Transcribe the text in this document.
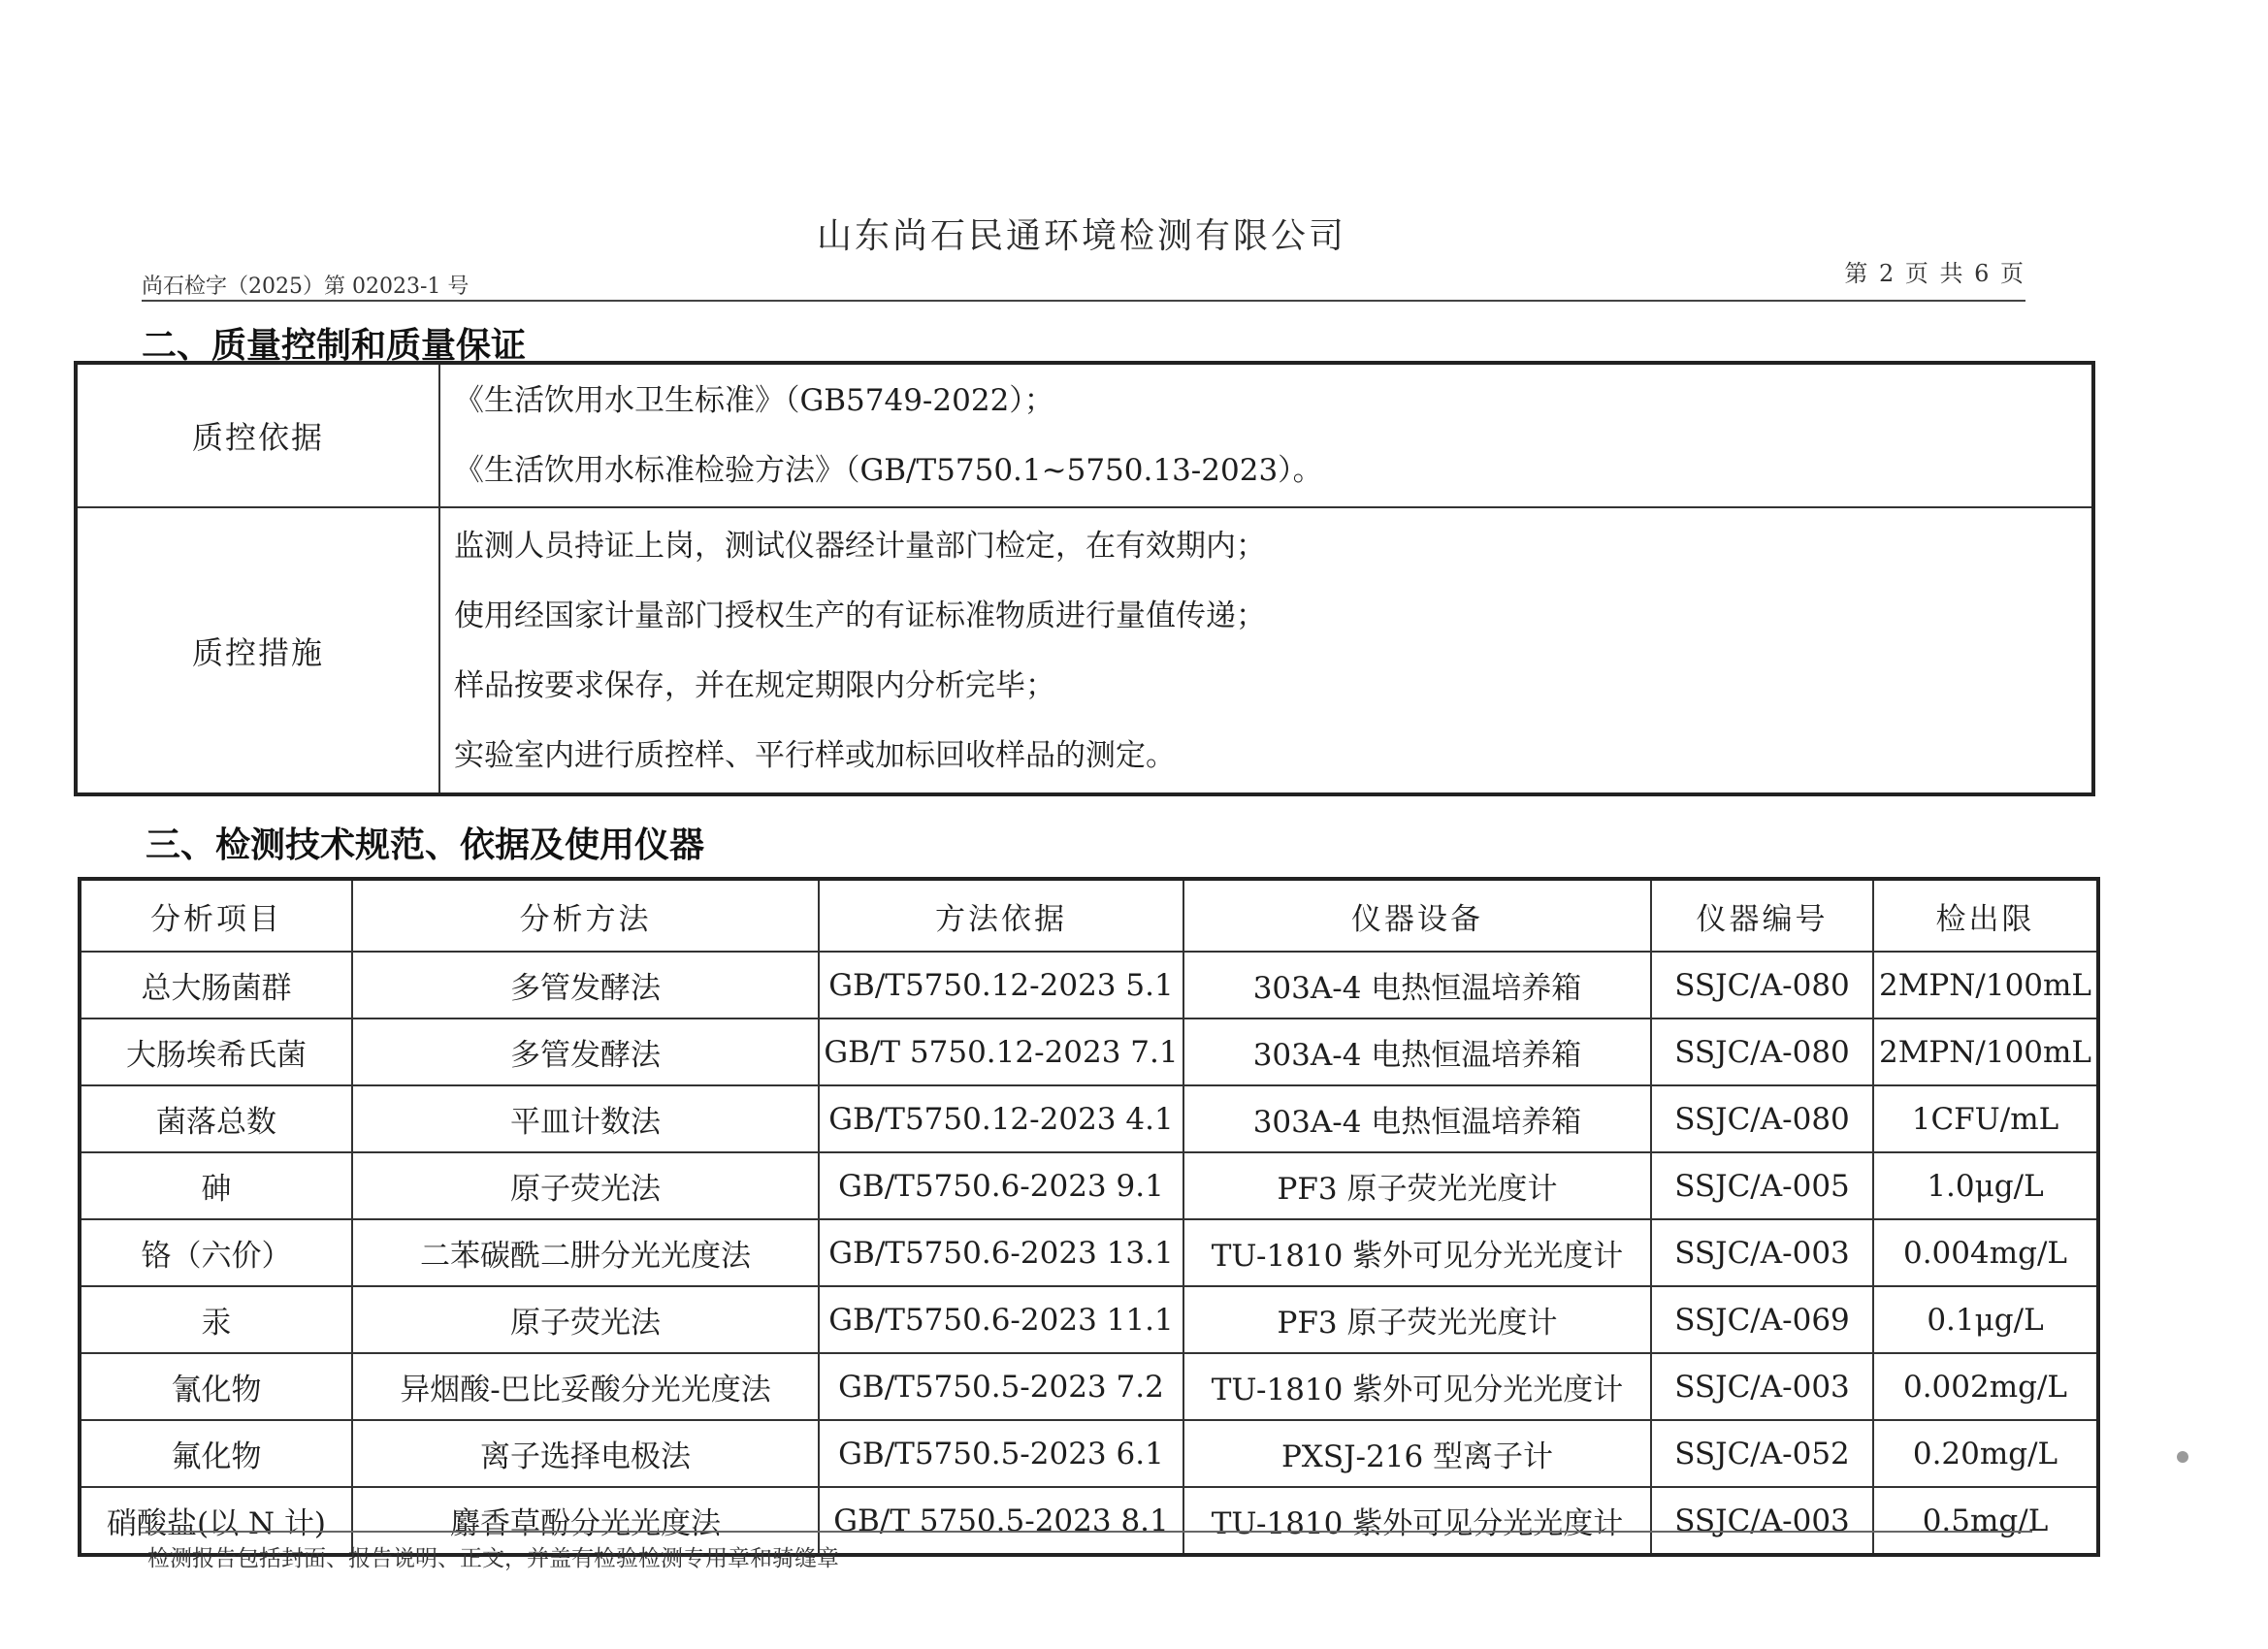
山东尚石民通环境检测有限公司
尚石检字（2025）第 02023-1 号	第 2 页 共 6 页
二、质量控制和质量保证
质控依据	《生活饮用水卫生标准》（GB5749-2022）；
《生活饮用水标准检验方法》（GB/T5750.1~5750.13-2023）。

质控措施	监测人员持证上岗，测试仪器经计量部门检定，在有效期内；
使用经国家计量部门授权生产的有证标准物质进行量值传递；
样品按要求保存，并在规定期限内分析完毕；
实验室内进行质控样、平行样或加标回收样品的测定。
三、检测技术规范、依据及使用仪器
分析项目	分析方法	方法依据	仪器设备	仪器编号	检出限
总大肠菌群	多管发酵法	GB/T5750.12-2023 5.1	303A-4 电热恒温培养箱	SSJC/A-080	2MPN/100mL
大肠埃希氏菌	多管发酵法	GB/T 5750.12-2023 7.1	303A-4 电热恒温培养箱	SSJC/A-080	2MPN/100mL
菌落总数	平皿计数法	GB/T5750.12-2023 4.1	303A-4 电热恒温培养箱	SSJC/A-080	1CFU/mL
砷	原子荧光法	GB/T5750.6-2023 9.1	PF3 原子荧光光度计	SSJC/A-005	1.0μg/L
铬（六价）	二苯碳酰二肼分光光度法	GB/T5750.6-2023 13.1	TU-1810 紫外可见分光光度计	SSJC/A-003	0.004mg/L
汞	原子荧光法	GB/T5750.6-2023 11.1	PF3 原子荧光光度计	SSJC/A-069	0.1μg/L
氰化物	异烟酸-巴比妥酸分光光度法	GB/T5750.5-2023 7.2	TU-1810 紫外可见分光光度计	SSJC/A-003	0.002mg/L
氟化物	离子选择电极法	GB/T5750.5-2023 6.1	PXSJ-216 型离子计	SSJC/A-052	0.20mg/L
硝酸盐(以 N 计)	麝香草酚分光光度法	GB/T 5750.5-2023 8.1	TU-1810 紫外可见分光光度计	SSJC/A-003	0.5mg/L
检测报告包括封面、报告说明、正文，并盖有检验检测专用章和骑缝章
